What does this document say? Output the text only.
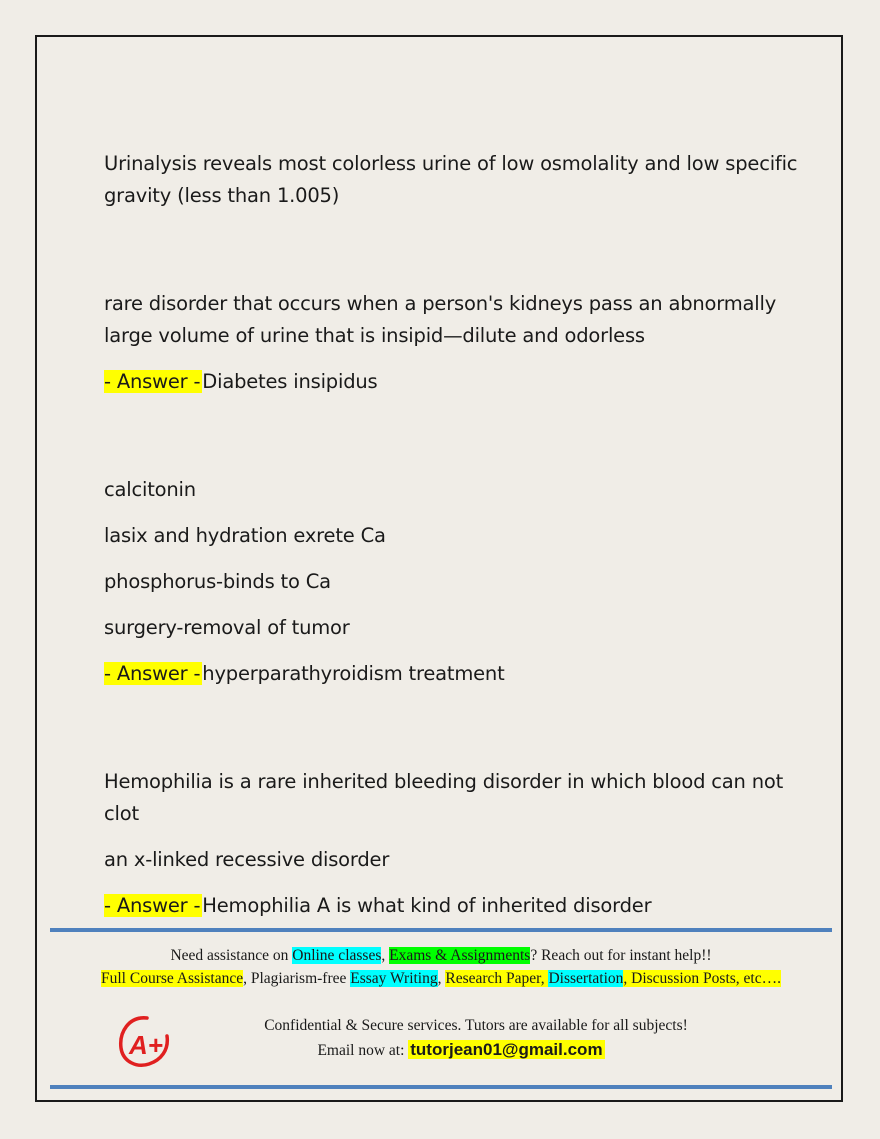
Urinalysis reveals most colorless urine of low osmolality and low specific gravity (less than 1.005)

rare disorder that occurs when a person's kidneys pass an abnormally large volume of urine that is insipid—dilute and odorless

- Answer - Diabetes insipidus

calcitonin

lasix and hydration exrete Ca

phosphorus-binds to Ca

surgery-removal of tumor

- Answer - hyperparathyroidism treatment

Hemophilia is a rare inherited bleeding disorder in which blood can not clot

an x-linked recessive disorder

- Answer - Hemophilia A is what kind of inherited disorder

Need assistance on Online classes, Exams & Assignments? Reach out for instant help!!
Full Course Assistance, Plagiarism-free Essay Writing, Research Paper, Dissertation, Discussion Posts, etc….
A+
Confidential & Secure services. Tutors are available for all subjects!
Email now at: tutorjean01@gmail.com
